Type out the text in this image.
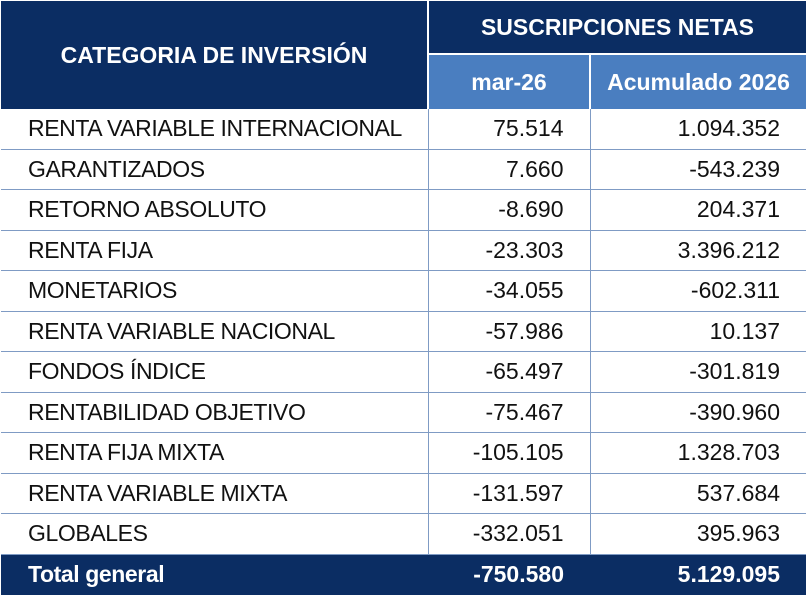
CATEGORIA DE INVERSIÓN	SUSCRIPCIONES NETAS	
	mar-26	Acumulado 2026
RENTA VARIABLE INTERNACIONAL	75.514	1.094.352
GARANTIZADOS	7.660	-543.239
RETORNO ABSOLUTO	-8.690	204.371
RENTA FIJA	-23.303	3.396.212
MONETARIOS	-34.055	-602.311
RENTA VARIABLE NACIONAL	-57.986	10.137
FONDOS ÍNDICE	-65.497	-301.819
RENTABILIDAD OBJETIVO	-75.467	-390.960
RENTA FIJA MIXTA	-105.105	1.328.703
RENTA VARIABLE MIXTA	-131.597	537.684
GLOBALES	-332.051	395.963
Total general	-750.580	5.129.095
